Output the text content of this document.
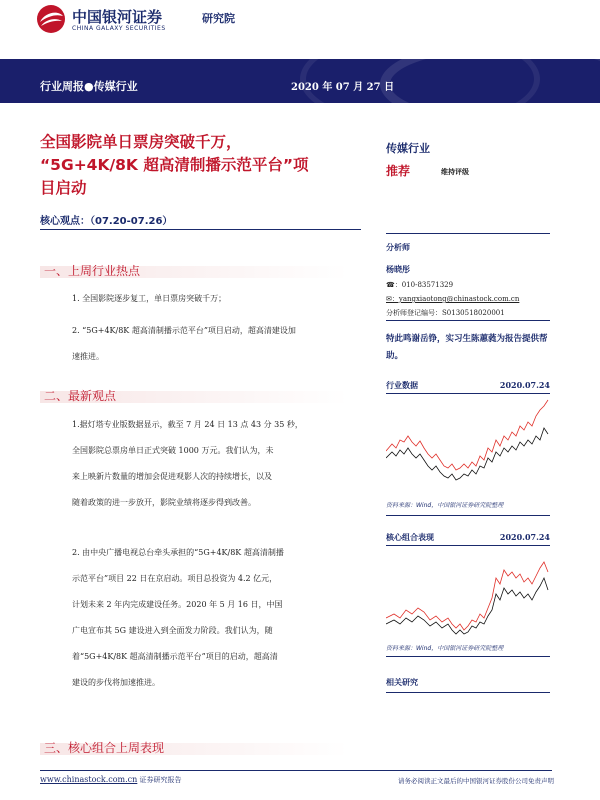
中国银河证券
CHINA GALAXY SECURITIES
研究院
行业周报●传媒行业	2020 年 07 月 27 日
全国影院单日票房突破千万，
“5G+4K/8K 超高清制播示范平台”项
目启动
核心观点：（07.20-07.26）
一、上周行业热点
1. 全国影院逐步复工，单日票房突破千万；
2. “5G+4K/8K 超高清制播示范平台”项目启动，超高清建设加
速推进。
二、最新观点
1.据灯塔专业版数据显示，截至 7 月 24 日 13 点 43 分 35 秒，
全国影院总票房单日正式突破 1000 万元。我们认为，未
来上映新片数量的增加会促进观影人次的持续增长，以及
随着政策的进一步放开，影院业绩将逐步得到改善。
2. 由中央广播电视总台牵头承担的“5G+4K/8K 超高清制播
示范平台”项目 22 日在京启动。项目总投资为 4.2 亿元，
计划未来 2 年内完成建设任务。2020 年 5 月 16 日，中国
广电宣布其 5G 建设进入到全面发力阶段。我们认为，随
着“5G+4K/8K 超高清制播示范平台”项目的启动，超高清
建设的步伐将加速推进。
三、核心组合上周表现
传媒行业
推荐	维持评级
分析师
杨晓彤
☎：010-83571329
✉：yangxiaotong@chinastock.com.cn
分析师登记编号：S0130518020001
特此鸣谢岳铮，实习生陈蕙蕤为报告提供帮助。
行业数据	2020.07.24
资料来源：Wind，中国银河证券研究院整理
核心组合表现	2020.07.24
资料来源：Wind，中国银河证券研究院整理
相关研究
www.chinastock.com.cn 证券研究报告	请务必阅读正文最后的中国银河证券股份公司免责声明
